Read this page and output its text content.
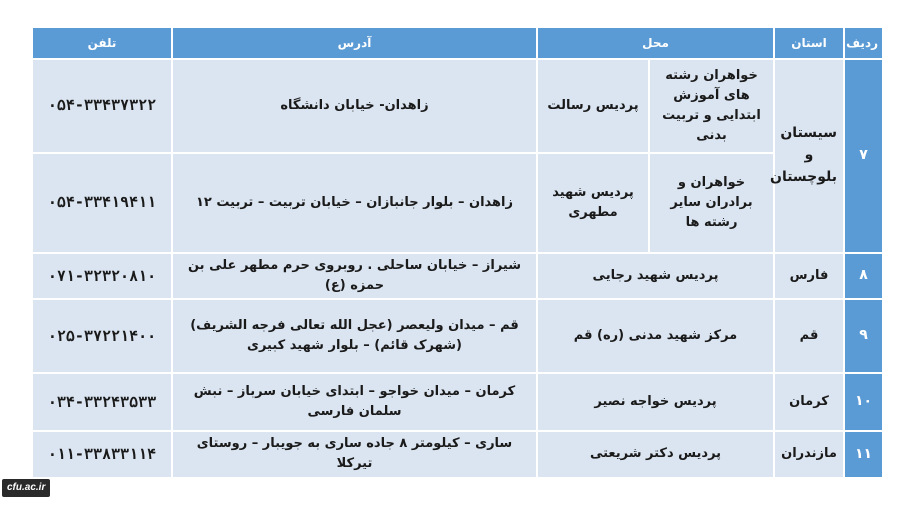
ردیف	استان	محل		آدرس	تلفن
۷	سیستان و بلوچستان	خواهران رشته های آموزش ابتدایی و تربیت بدنی	پردیس رسالت	زاهدان- خیابان دانشگاه	۰۵۴-۳۳۴۳۷۳۲۲
		خواهران و برادران سایر رشته ها	پردیس شهید مطهری	زاهدان – بلوار جانبازان – خیابان تربیت – تربیت ۱۲	۰۵۴-۳۳۴۱۹۴۱۱
۸	فارس	پردیس شهید رجایی		شیراز – خیابان ساحلی . روبروی حرم مطهر علی بن حمزه (ع)	۰۷۱-۳۲۳۲۰۸۱۰
۹	قم	مرکز شهید مدنی (ره) قم		قم – میدان ولیعصر (عجل الله تعالی فرجه الشریف) (شهرک قائم) – بلوار شهید کبیری	۰۲۵-۳۷۲۲۱۴۰۰
۱۰	کرمان	پردیس خواجه نصیر		کرمان – میدان خواجو – ابتدای خیابان سرباز – نبش سلمان فارسی	۰۳۴-۳۳۲۴۳۵۳۳
۱۱	مازندران	پردیس دکتر شریعتی		ساری – کیلومتر ۸ جاده ساری به جویبار – روستای تیرکلا	۰۱۱-۳۳۸۳۳۱۱۴
cfu.ac.ir
